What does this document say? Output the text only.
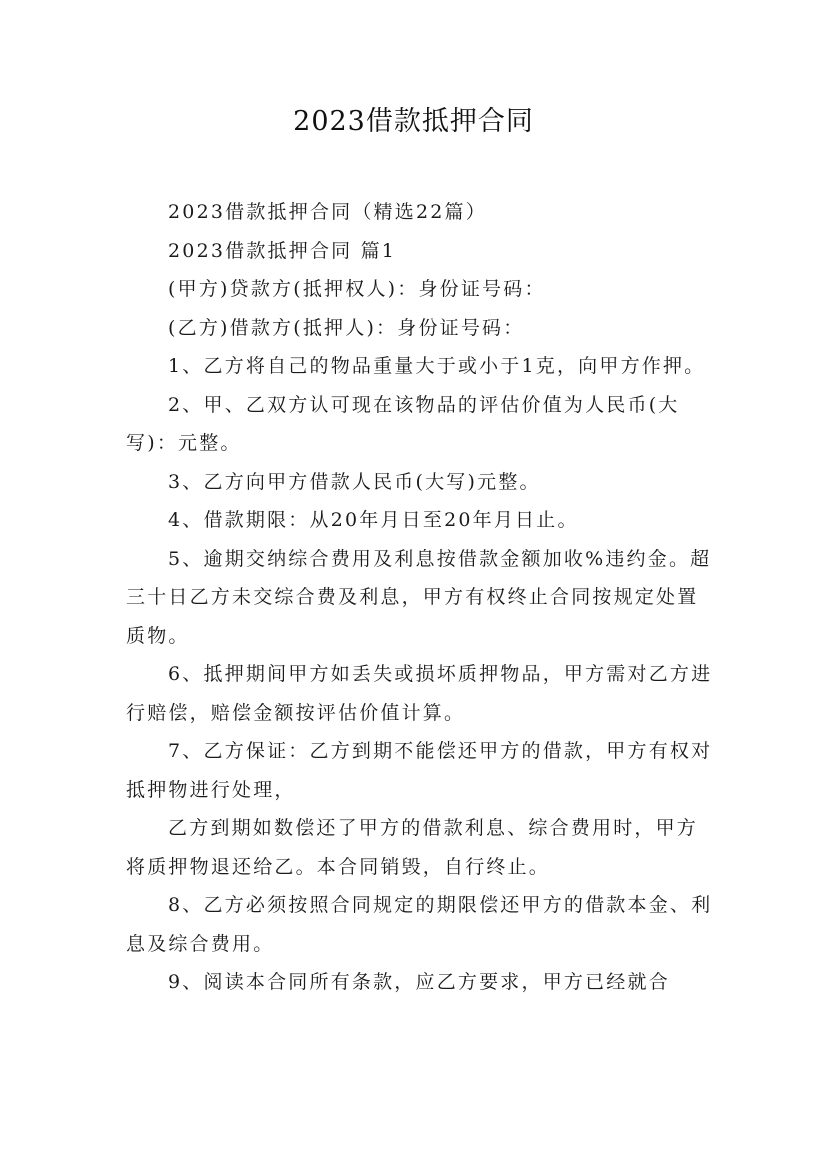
2023借款抵押合同

2023借款抵押合同（精选22篇）

2023借款抵押合同 篇1

(甲方)贷款方(抵押权人)：身份证号码：

(乙方)借款方(抵押人)：身份证号码：

1、乙方将自己的物品重量大于或小于1克，向甲方作押。

2、甲、乙双方认可现在该物品的评估价值为人民币(大写)：元整。

3、乙方向甲方借款人民币(大写)元整。

4、借款期限：从20年月日至20年月日止。

5、逾期交纳综合费用及利息按借款金额加收%违约金。超三十日乙方未交综合费及利息，甲方有权终止合同按规定处置质物。

6、抵押期间甲方如丢失或损坏质押物品，甲方需对乙方进行赔偿，赔偿金额按评估价值计算。

7、乙方保证：乙方到期不能偿还甲方的借款，甲方有权对抵押物进行处理，

乙方到期如数偿还了甲方的借款利息、综合费用时，甲方将质押物退还给乙。本合同销毁，自行终止。

8、乙方必须按照合同规定的期限偿还甲方的借款本金、利息及综合费用。

9、阅读本合同所有条款，应乙方要求，甲方已经就合
